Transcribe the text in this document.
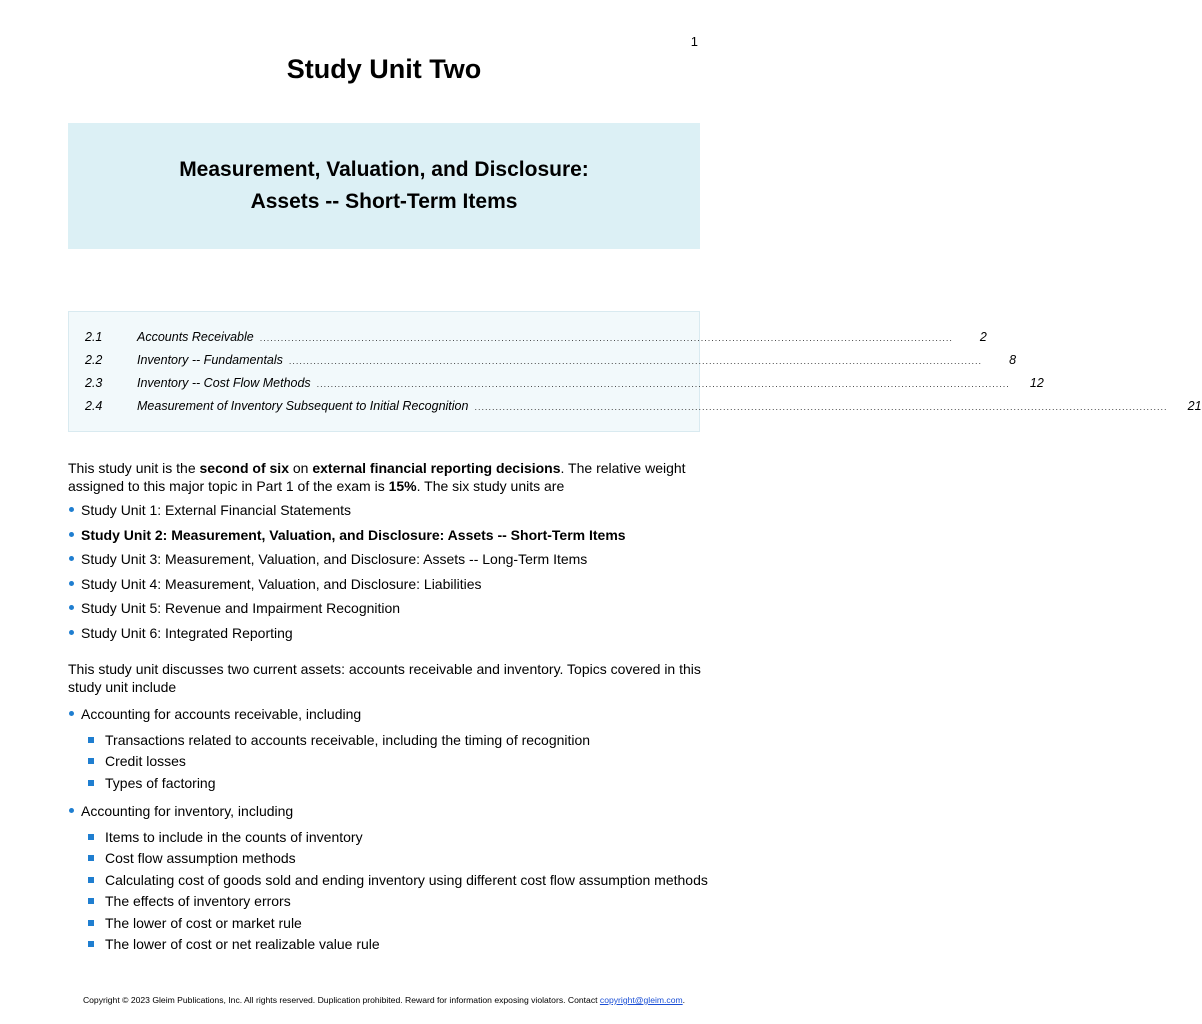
1
Study Unit Two
Measurement, Valuation, and Disclosure:
Assets -- Short-Term Items
2.1	Accounts Receivable ......................................................................................................................................................................................................	2
2.2	Inventory -- Fundamentals ......................................................................................................................................................................................................	8
2.3	Inventory -- Cost Flow Methods ......................................................................................................................................................................................................	12
2.4	Measurement of Inventory Subsequent to Initial Recognition ......................................................................................................................................................................................................	21

This study unit is the second of six on external financial reporting decisions. The relative weight assigned to this major topic in Part 1 of the exam is 15%. The six study units are

Study Unit 1: External Financial Statements
Study Unit 2: Measurement, Valuation, and Disclosure: Assets -- Short-Term Items
Study Unit 3: Measurement, Valuation, and Disclosure: Assets -- Long-Term Items
Study Unit 4: Measurement, Valuation, and Disclosure: Liabilities
Study Unit 5: Revenue and Impairment Recognition
Study Unit 6: Integrated Reporting

This study unit discusses two current assets: accounts receivable and inventory. Topics covered in this study unit include

Accounting for accounts receivable, including
Transactions related to accounts receivable, including the timing of recognition
Credit losses
Types of factoring
Accounting for inventory, including
Items to include in the counts of inventory
Cost flow assumption methods
Calculating cost of goods sold and ending inventory using different cost flow assumption methods
The effects of inventory errors
The lower of cost or market rule
The lower of cost or net realizable value rule
Copyright © 2023 Gleim Publications, Inc. All rights reserved. Duplication prohibited. Reward for information exposing violators. Contact copyright@gleim.com.
